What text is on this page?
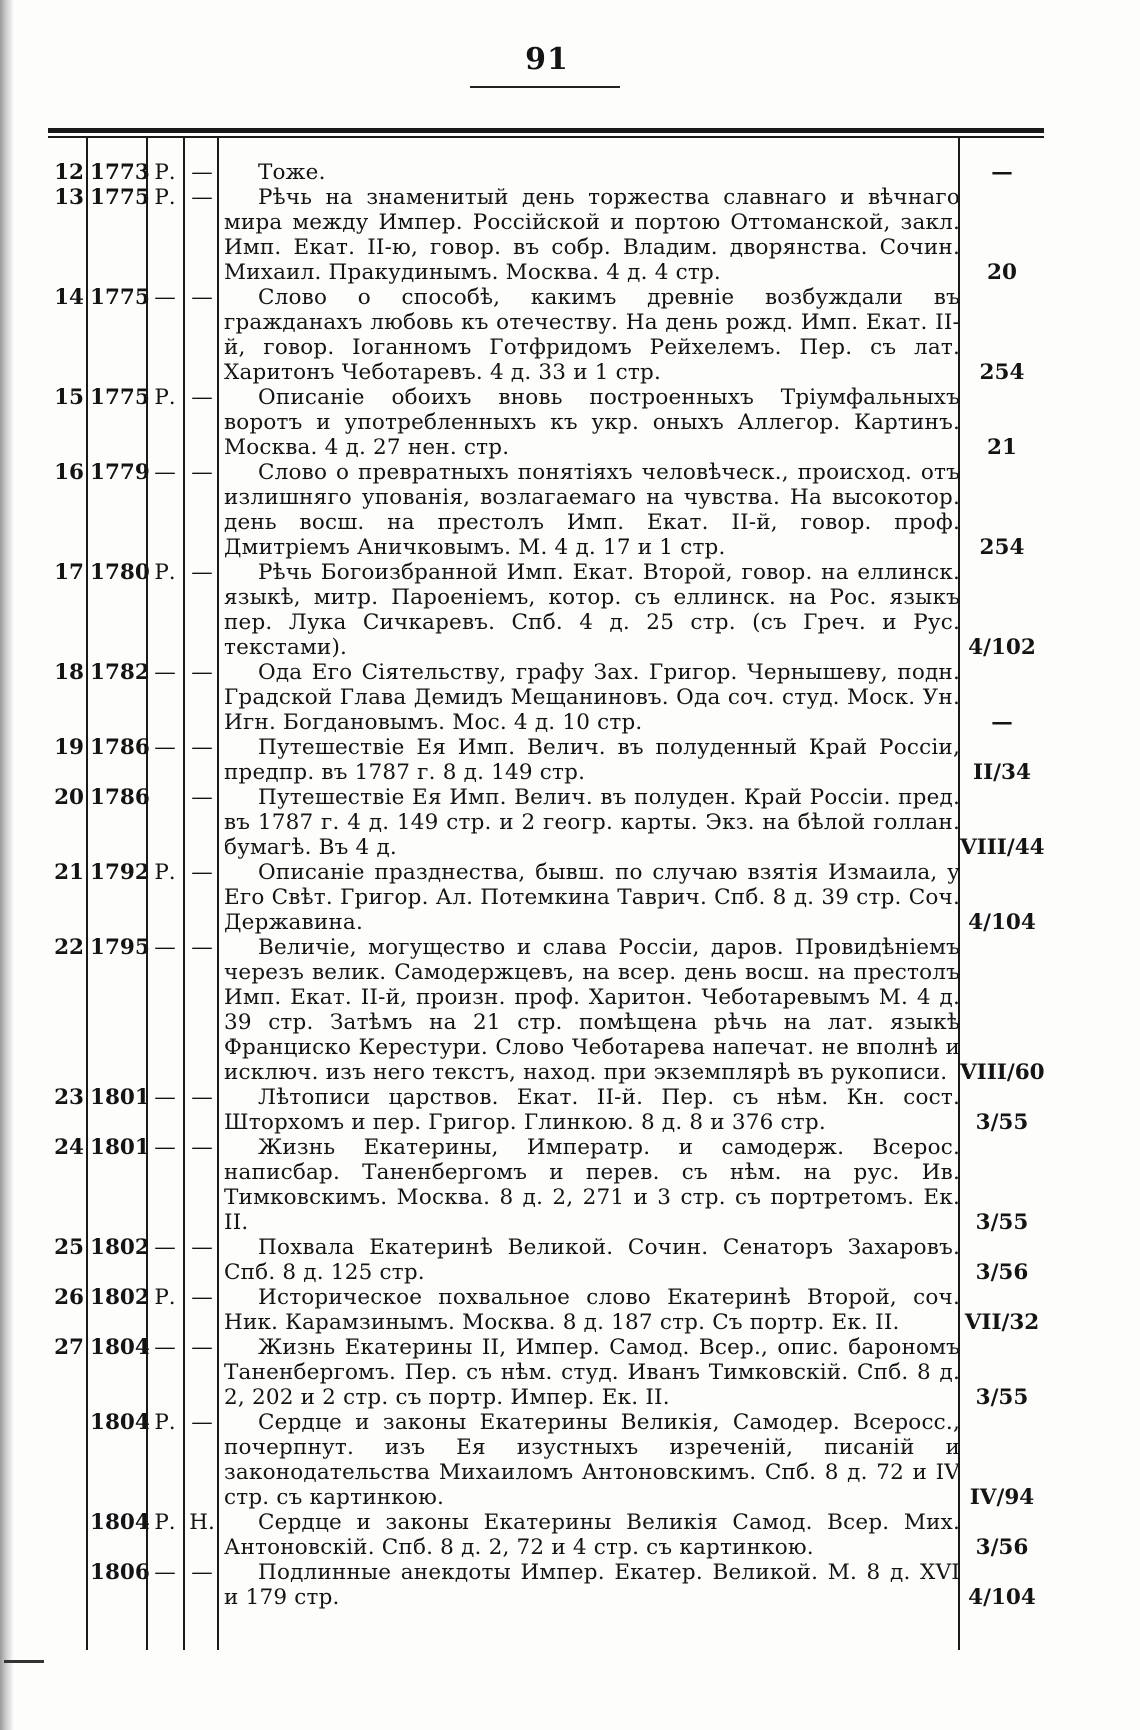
91
12 1773 Р. —	—
Тоже.
13 1775 Р. —
20
Рѣчь на знаменитый день торжества славнаго и вѣчнаго мира между Импер. Россійской и портою Оттоманской, закл. Имп. Екат. II-ю, говор. въ собр. Владим. дворянства. Сочин. Михаил. Пракудинымъ. Москва. 4 д. 4 стр.
14 1775 — —
254
Слово о способѣ, какимъ древніе возбуждали въ гражданахъ любовь къ отечеству. На день рожд. Имп. Екат. II-й, говор. Іоганномъ Готфридомъ Рейхелемъ. Пер. съ лат. Харитонъ Чеботаревъ. 4 д. 33 и 1 стр.
15 1775 Р. —
21
Описаніе обоихъ вновь построенныхъ Тріумфальныхъ воротъ и употребленныхъ къ укр. оныхъ Аллегор. Картинъ. Москва. 4 д. 27 нен. стр.
16 1779 — —
254
Слово о превратныхъ понятіяхъ человѣческ., происход. отъ излишняго упованія, возлагаемаго на чувства. На высокотор. день восш. на престолъ Имп. Екат. II-й, говор. проф. Дмитріемъ Аничковымъ. М. 4 д. 17 и 1 стр.
17 1780 Р. —
4/102
Рѣчь Богоизбранной Имп. Екат. Второй, говор. на еллинск. языкѣ, митр. Пароеніемъ, котор. съ еллинск. на Рос. языкъ пер. Лука Сичкаревъ. Спб. 4 д. 25 стр. (съ Греч. и Рус. текстами).
18 1782 — —
—
Ода Его Сіятельству, графу Зах. Григор. Чернышеву, подн. Градской Глава Демидъ Мещаниновъ. Ода соч. студ. Моск. Ун. Игн. Богдановымъ. Мос. 4 д. 10 стр.
19 1786 — —
II/34
Путешествіе Ея Имп. Велич. въ полуденный Край Россіи, предпр. въ 1787 г. 8 д. 149 стр.
20 1786 —
VIII/44
Путешествіе Ея Имп. Велич. въ полуден. Край Россіи. пред. въ 1787 г. 4 д. 149 стр. и 2 геогр. карты. Экз. на бѣлой голлан. бумагѣ. Въ 4 д.
21 1792 Р. —
4/104
Описаніе празднества, бывш. по случаю взятія Измаила, у Его Свѣт. Григор. Ал. Потемкина Таврич. Спб. 8 д. 39 стр. Соч. Державина.
22 1795 — —
VIII/60
Величіе, могущество и слава Россіи, даров. Провидѣніемъ черезъ велик. Самодержцевъ, на всер. день восш. на престолъ Имп. Екат. II-й, произн. проф. Харитон. Чеботаревымъ М. 4 д. 39 стр. Затѣмъ на 21 стр. помѣщена рѣчь на лат. языкѣ Франциско Керестури. Слово Чеботарева напечат. не вполнѣ и исключ. изъ него текстъ, наход. при экземплярѣ въ рукописи.
23 1801 — —
3/55
Лѣтописи царствов. Екат. II-й. Пер. съ нѣм. Кн. сост. Шторхомъ и пер. Григор. Глинкою. 8 д. 8 и 376 стр.
24 1801 — —
3/55
Жизнь Екатерины, Императр. и самодерж. Всерос. написбар. Таненбергомъ и перев. съ нѣм. на рус. Ив. Тимковскимъ. Москва. 8 д. 2, 271 и 3 стр. съ портретомъ. Ек. II.
25 1802 — —
3/56
Похвала Екатеринѣ Великой. Сочин. Сенаторъ Захаровъ. Спб. 8 д. 125 стр.
26 1802 Р. —
VII/32
Историческое похвальное слово Екатеринѣ Второй, соч. Ник. Карамзинымъ. Москва. 8 д. 187 стр. Съ портр. Ек. II.
27 1804 — —
3/55
Жизнь Екатерины II, Импер. Самод. Всер., опис. барономъ Таненбергомъ. Пер. съ нѣм. студ. Иванъ Тимковскій. Спб. 8 д. 2, 202 и 2 стр. съ портр. Импер. Ек. II.
1804 Р. —
IV/94
Сердце и законы Екатерины Великія, Самодер. Всеросс., почерпнут. изъ Ея изустныхъ изреченій, писаній и законодательства Михаиломъ Антоновскимъ. Спб. 8 д. 72 и IV стр. съ картинкою.
1804 Р. Н.
3/56
Сердце и законы Екатерины Великія Самод. Всер. Мих. Антоновскій. Спб. 8 д. 2, 72 и 4 стр. съ картинкою.
1806 — —
4/104
Подлинные анекдоты Импер. Екатер. Великой. М. 8 д. XVI и 179 стр.
